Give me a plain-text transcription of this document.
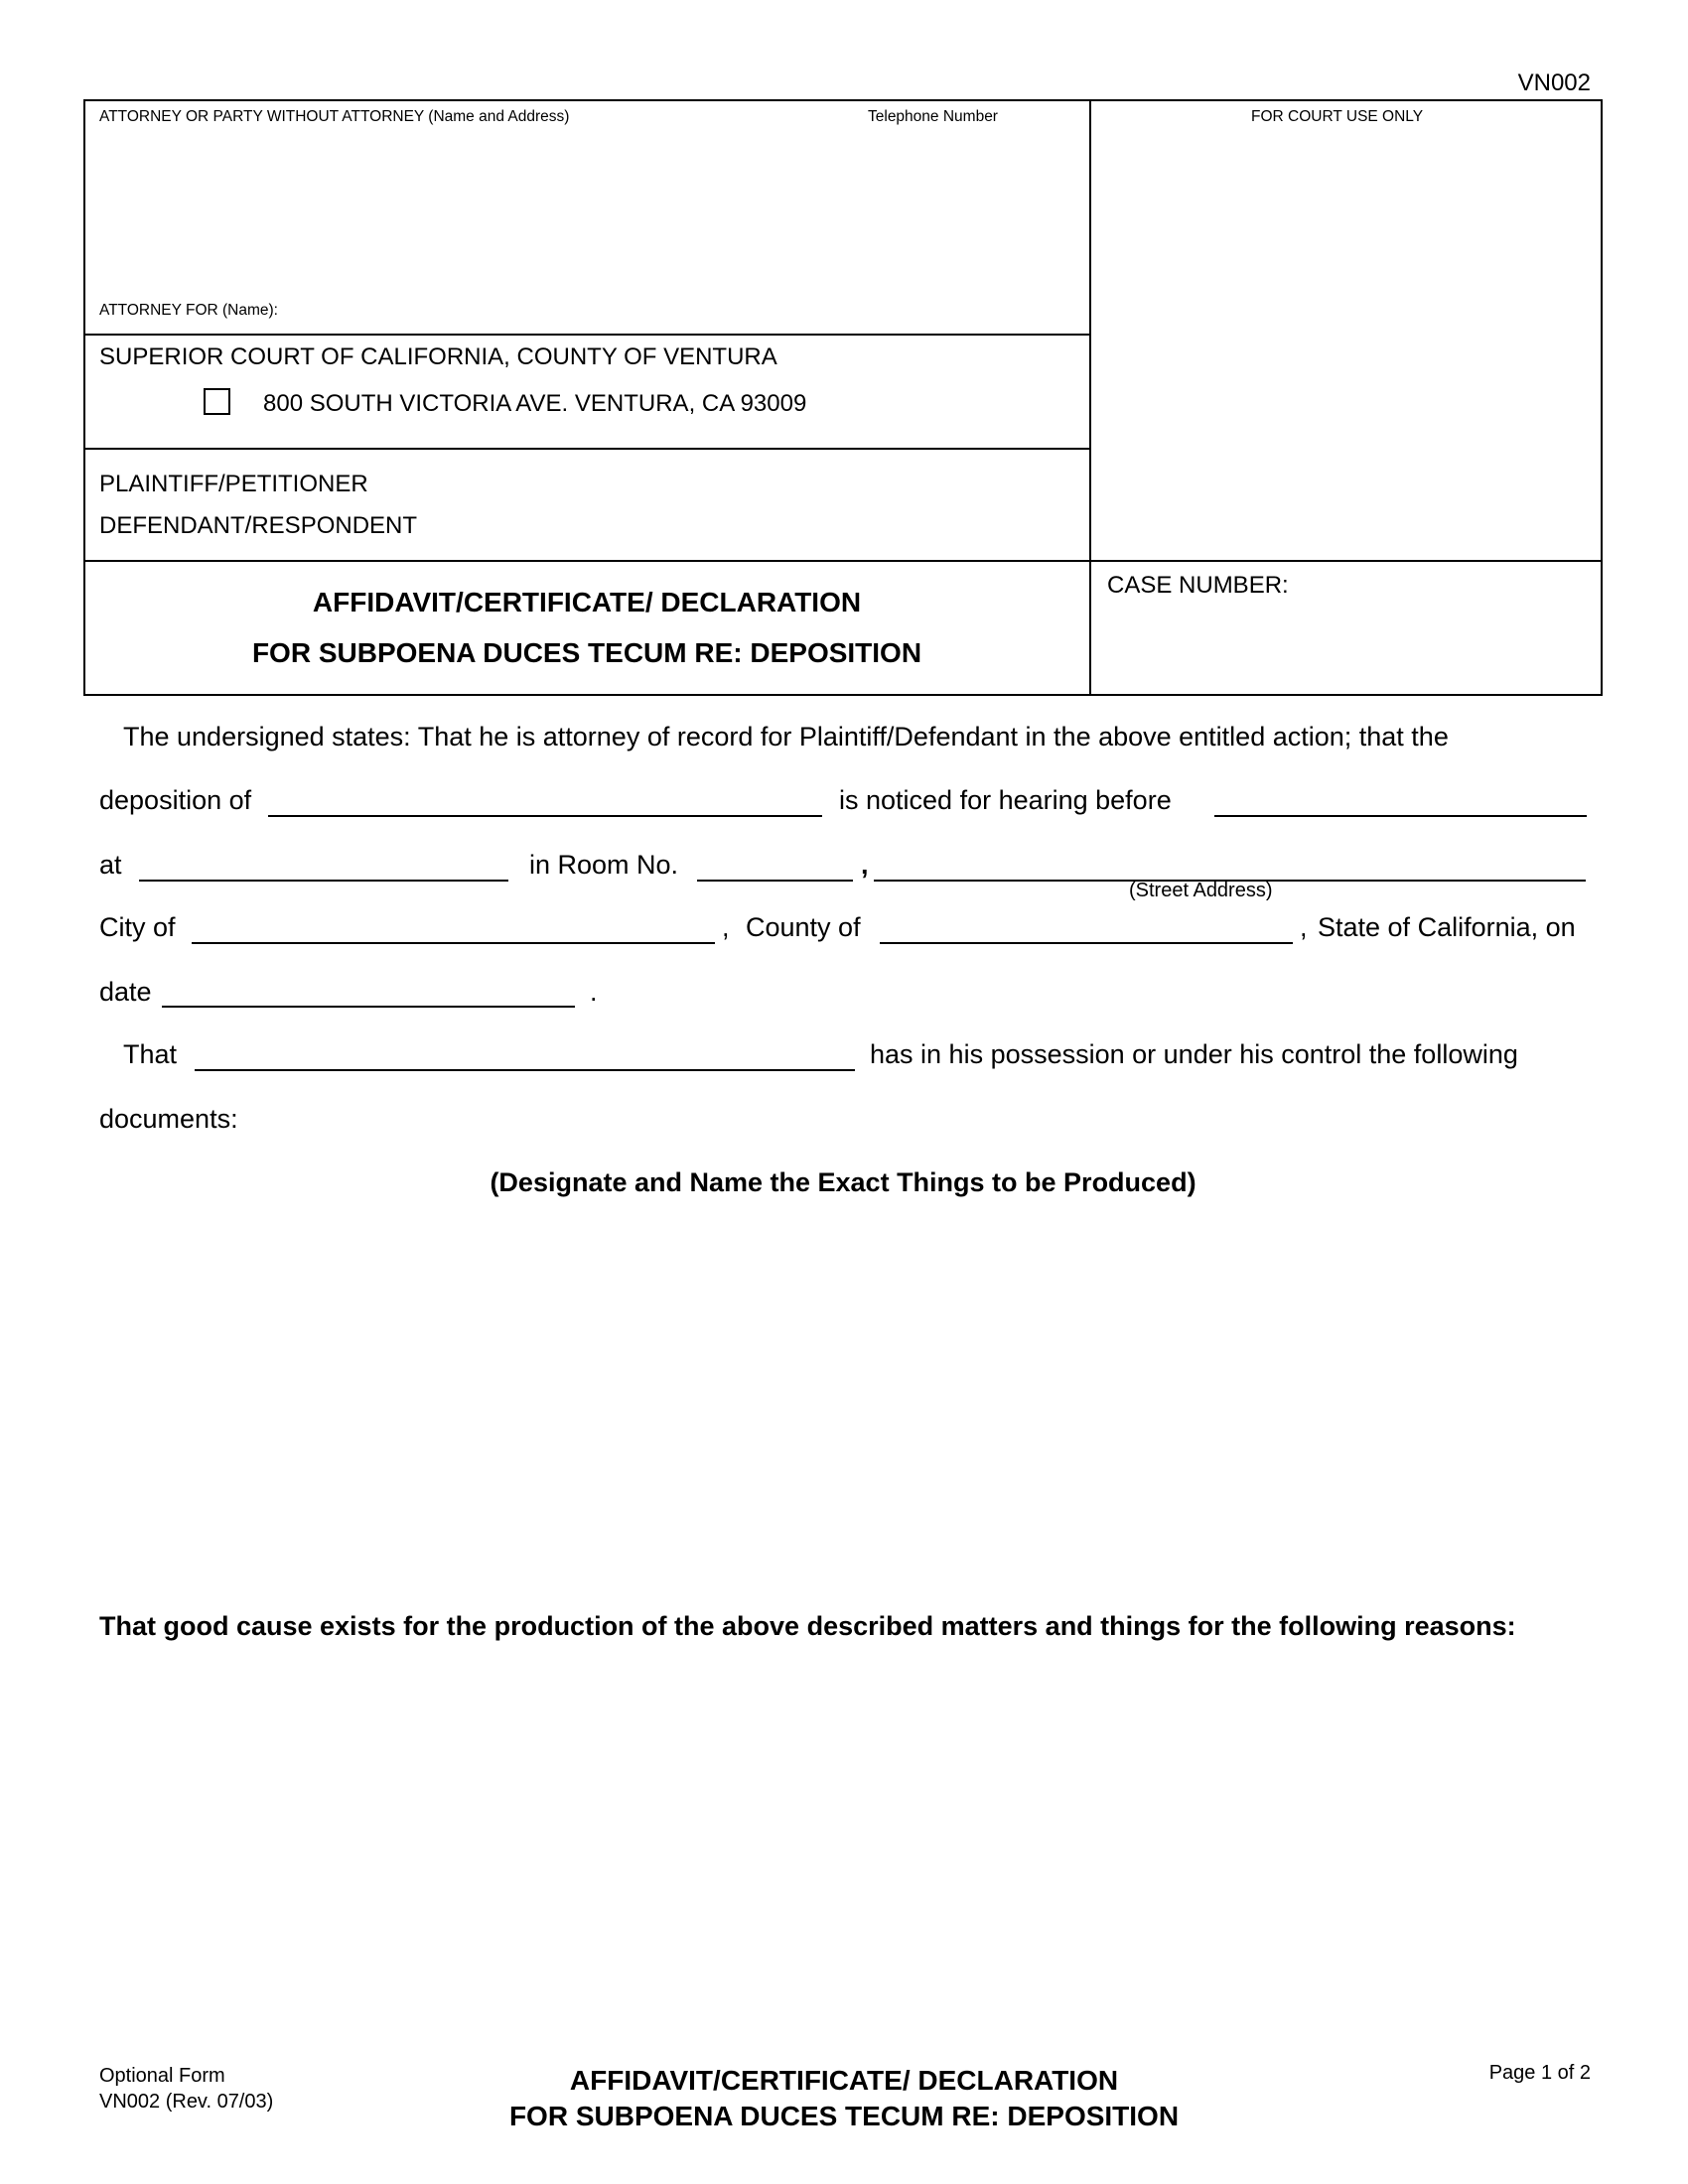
VN002
ATTORNEY OR PARTY WITHOUT ATTORNEY (Name and Address)	Telephone Number	FOR COURT USE ONLY
ATTORNEY FOR (Name):
SUPERIOR COURT OF CALIFORNIA, COUNTY OF VENTURA
800 SOUTH VICTORIA AVE. VENTURA, CA 93009
PLAINTIFF/PETITIONER
DEFENDANT/RESPONDENT
AFFIDAVIT/CERTIFICATE/ DECLARATION
FOR SUBPOENA DUCES TECUM RE: DEPOSITION
CASE NUMBER:
The undersigned states: That he is attorney of record for Plaintiff/Defendant in the above entitled action; that the
deposition of	is noticed for hearing before
at	in Room No.	,
(Street Address)
City of	, County of	, State of California, on
date	.
That	has in his possession or under his control the following
documents:
(Designate and Name the Exact Things to be Produced)
That good cause exists for the production of the above described matters and things for the following reasons:
Optional Form
VN002 (Rev. 07/03)
AFFIDAVIT/CERTIFICATE/ DECLARATION
FOR SUBPOENA DUCES TECUM RE: DEPOSITION
Page 1 of 2
